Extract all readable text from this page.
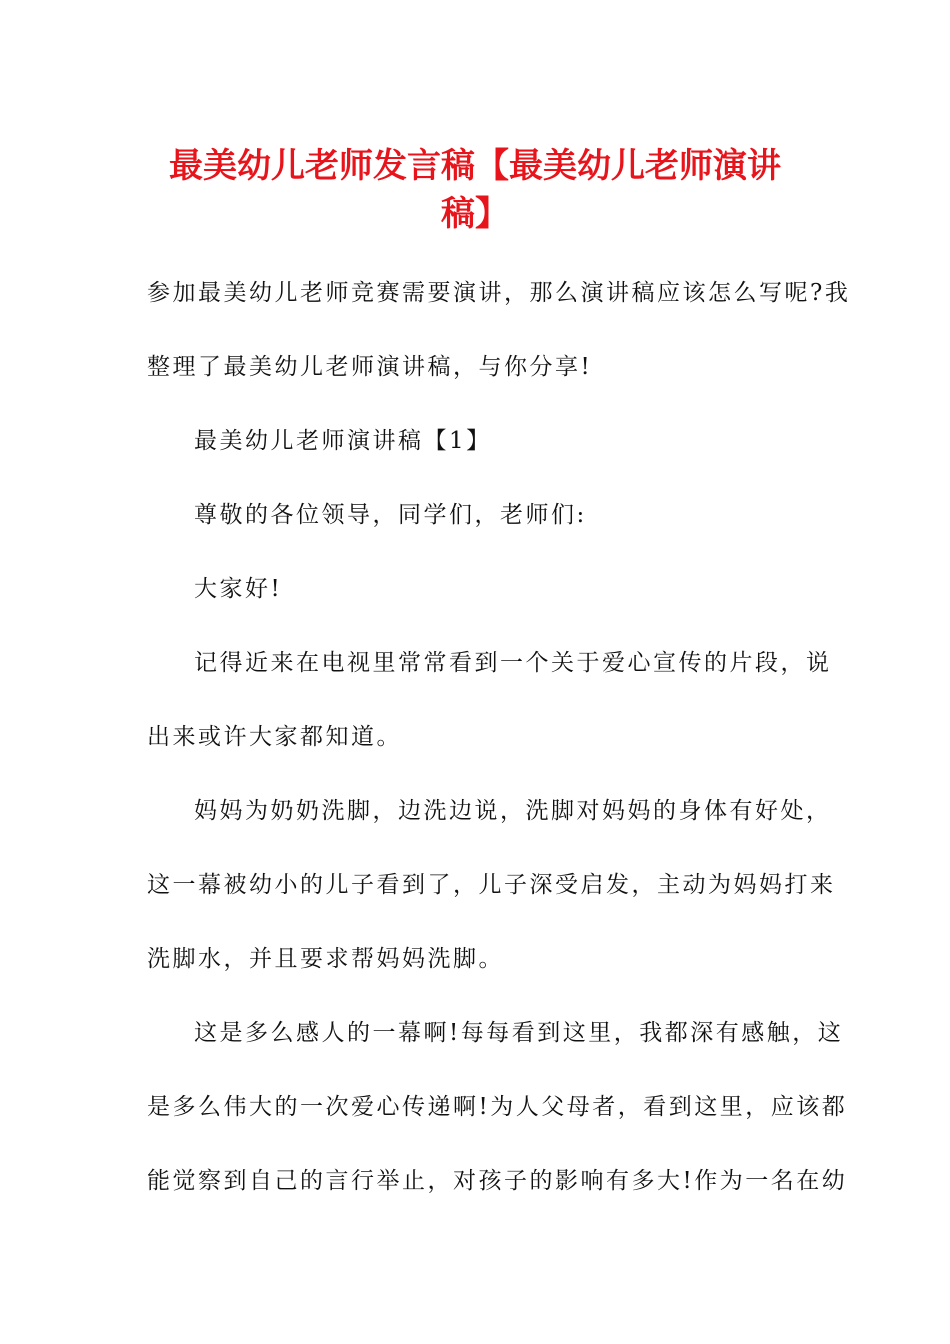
最美幼儿老师发言稿【最美幼儿老师演讲
稿】
参加最美幼儿老师竞赛需要演讲，那么演讲稿应该怎么写呢?我
整理了最美幼儿老师演讲稿，与你分享!
最美幼儿老师演讲稿【1】
尊敬的各位领导，同学们，老师们:
大家好!
记得近来在电视里常常看到一个关于爱心宣传的片段，说
出来或许大家都知道。
妈妈为奶奶洗脚，边洗边说，洗脚对妈妈的身体有好处，
这一幕被幼小的儿子看到了，儿子深受启发，主动为妈妈打来
洗脚水，并且要求帮妈妈洗脚。
这是多么感人的一幕啊!每每看到这里，我都深有感触，这
是多么伟大的一次爱心传递啊!为人父母者，看到这里，应该都
能觉察到自己的言行举止，对孩子的影响有多大!作为一名在幼
